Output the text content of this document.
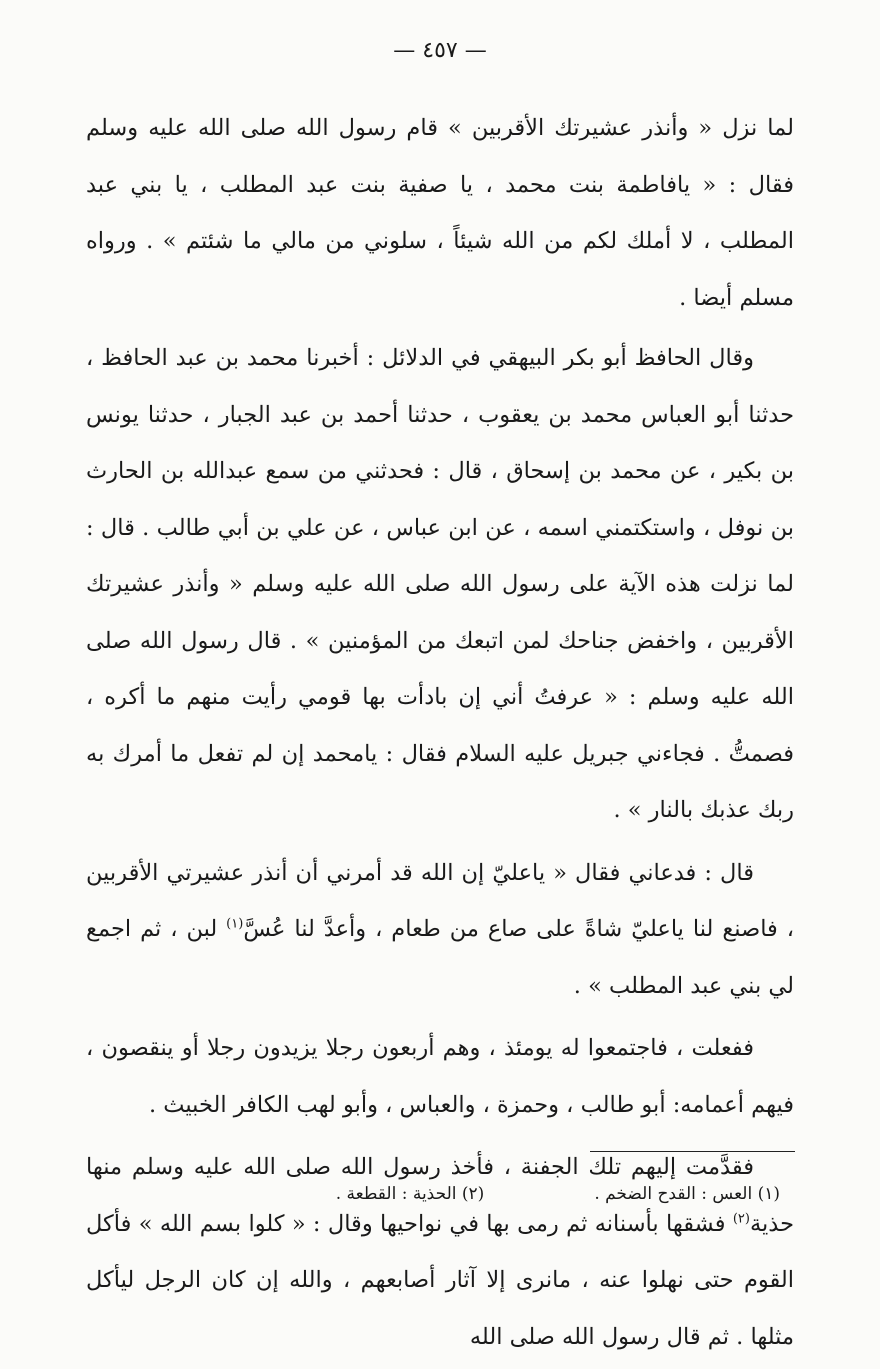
— ٤٥٧ —

لما نزل « وأنذر عشيرتك الأقربين » قام رسول الله صلى الله عليه وسلم فقال : « يافاطمة بنت محمد ، يا صفية بنت عبد المطلب ، يا بني عبد المطلب ، لا أملك لكم من الله شيئاً ، سلوني من مالي ما شئتم » . ورواه مسلم أيضا .

وقال الحافظ أبو بكر البيهقي في الدلائل : أخبرنا محمد بن عبد الحافظ ، حدثنا أبو العباس محمد بن يعقوب ، حدثنا أحمد بن عبد الجبار ، حدثنا يونس بن بكير ، عن محمد بن إسحاق ، قال : فحدثني من سمع عبدالله بن الحارث بن نوفل ، واستكتمني اسمه ، عن ابن عباس ، عن علي بن أبي طالب . قال : لما نزلت هذه الآية على رسول الله صلى الله عليه وسلم « وأنذر عشيرتك الأقربين ، واخفض جناحك لمن اتبعك من المؤمنين » . قال رسول الله صلى الله عليه وسلم : « عرفتُ أني إن بادأت بها قومي رأيت منهم ما أكره ، فصمتُّ . فجاءني جبريل عليه السلام فقال : يامحمد إن لم تفعل ما أمرك به ربك عذبك بالنار » .

قال : فدعاني فقال « ياعليّ إن الله قد أمرني أن أنذر عشيرتي الأقربين ، فاصنع لنا ياعليّ شاةً على صاع من طعام ، وأعدَّ لنا عُسَّ$^{(١)}$ لبن ، ثم اجمع لي بني عبد المطلب » .

ففعلت ، فاجتمعوا له يومئذ ، وهم أربعون رجلا يزيدون رجلا أو ينقصون ، فيهم أعمامه: أبو طالب ، وحمزة ، والعباس ، وأبو لهب الكافر الخبيث .

فقدَّمت إليهم تلك الجفنة ، فأخذ رسول الله صلى الله عليه وسلم منها حذية$^{(٢)}$ فشقها بأسنانه ثم رمى بها في نواحيها وقال : « كلوا بسم الله » فأكل القوم حتى نهلوا عنه ، مانرى إلا آثار أصابعهم ، والله إن كان الرجل ليأكل مثلها . ثم قال رسول الله صلى الله

(١) العس : القدح الضخم .
(٢) الحذية : القطعة .
